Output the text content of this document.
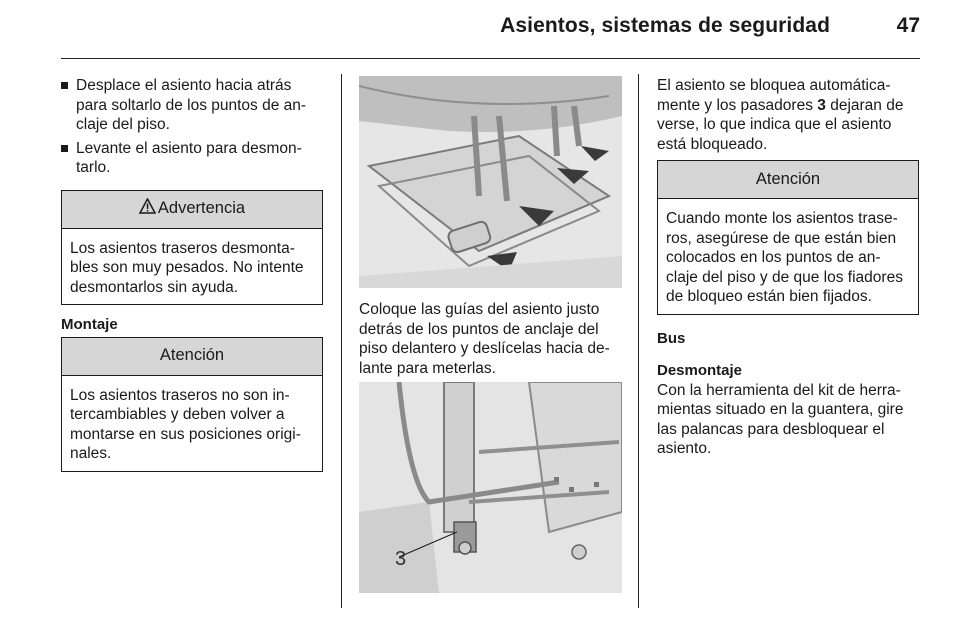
Asientos, sistemas de seguridad	47
Desplace el asiento hacia atrás para soltarlo de los puntos de an-claje del piso.
Levante el asiento para desmon-tarlo.
Advertencia
Los asientos traseros desmonta-bles son muy pesados. No intente desmontarlos sin ayuda.
Montaje
Atención
Los asientos traseros no son in-tercambiables y deben volver a montarse en sus posiciones origi-nales.
Coloque las guías del asiento justo detrás de los puntos de anclaje del piso delantero y deslícelas hacia de-lante para meterlas.
3

El asiento se bloquea automática-mente y los pasadores 3 dejaran de verse, lo que indica que el asiento está bloqueado.

Atención
Cuando monte los asientos trase-ros, asegúrese de que están bien colocados en los puntos de an-claje del piso y de que los fiadores de bloqueo están bien fijados.
Bus
Desmontaje

Con la herramienta del kit de herra-mientas situado en la guantera, gire las palancas para desbloquear el asiento.
